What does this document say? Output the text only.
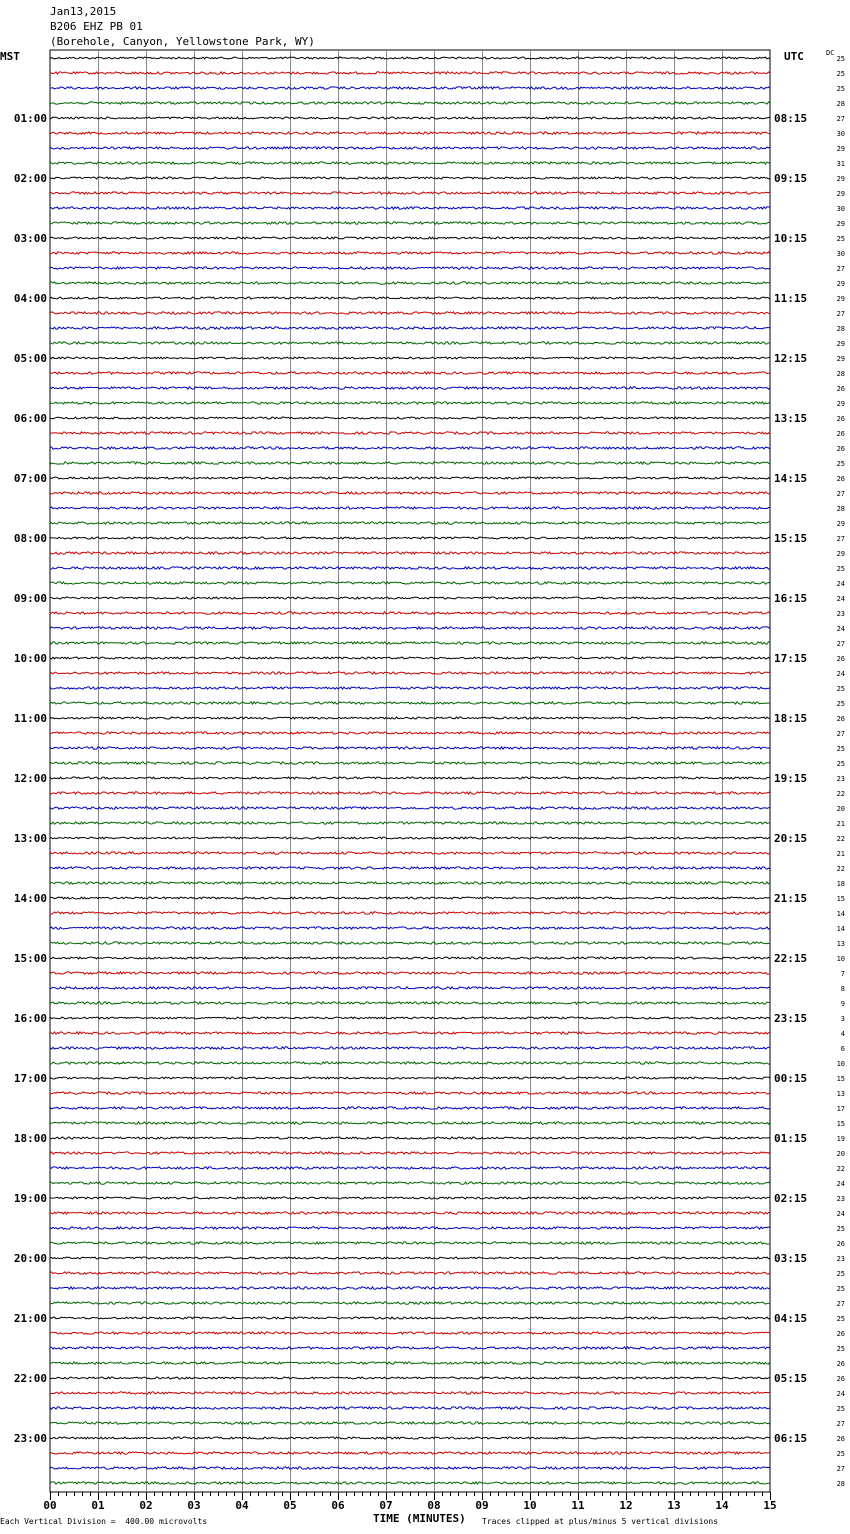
Jan13,2015
B206 EHZ PB 01
(Borehole, Canyon, Yellowstone Park, WY)
MST	UTC	DC
01:00
02:00
03:00
04:00
05:00
06:00
07:00
08:00
09:00
10:00
11:00
12:00
13:00
14:00
15:00
16:00
17:00
18:00
19:00
20:00
21:00
22:00
23:00
08:15
09:15
10:15
11:15
12:15
13:15
14:15
15:15
16:15
17:15
18:15
19:15
20:15
21:15
22:15
23:15
00:15
01:15
02:15
03:15
04:15
05:15
06:15
25
25
25
28
27
30
29
31
29
29
30
29
25
30
27
29
29
27
28
29
29
28
26
29
26
26
26
25
26
27
28
29
27
29
25
24
24
23
24
27
26
24
25
25
26
27
25
25
23
22
20
21
22
21
22
18
15
14
14
13
10
7
8
9
3
4
6
10
15
13
17
15
19
20
22
24
23
24
25
26
23
25
25
27
25
26
25
26
26
24
25
27
26
25
27
28
00	01	02	03	04	05	06	07	08	09	10	11	12	13	14	15
Each Vertical Division =  400.00 microvolts	TIME (MINUTES) Traces clipped at plus/minus 5 vertical divisions
